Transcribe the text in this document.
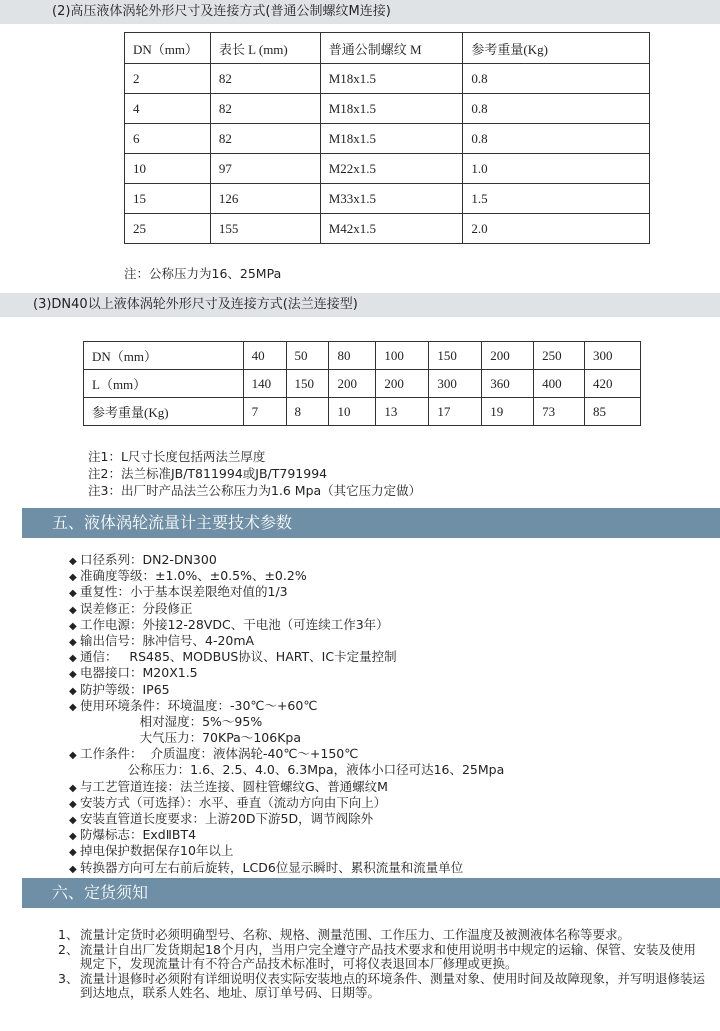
(2)高压液体涡轮外形尺寸及连接方式(普通公制螺纹M连接)
DN（mm）	表长 L (mm)	普通公制螺纹 M	参考重量(Kg)
2	82	M18x1.5	0.8
4	82	M18x1.5	0.8
6	82	M18x1.5	0.8
10	97	M22x1.5	1.0
15	126	M33x1.5	1.5
25	155	M42x1.5	2.0
注：公称压力为16、25MPa
(3)DN40以上液体涡轮外形尺寸及连接方式(法兰连接型)
DN（mm）	40	50	80	100	150	200	250	300
L（mm）	140	150	200	200	300	360	400	420
参考重量(Kg)	7	8	10	13	17	19	73	85
注1：L尺寸长度包括两法兰厚度
注2：法兰标准JB/T811994或JB/T791994
注3：出厂时产品法兰公称压力为1.6 Mpa（其它压力定做）
五、液体涡轮流量计主要技术参数
◆ 口径系列：DN2-DN300
◆ 准确度等级：±1.0%、±0.5%、±0.2%
◆ 重复性：小于基本误差限绝对值的1/3
◆ 误差修正：分段修正
◆ 工作电源：外接12-28VDC、干电池（可连续工作3年）
◆ 输出信号：脉冲信号、4-20mA
◆ 通信：   RS485、MODBUS协议、HART、IC卡定量控制
◆ 电器接口：M20X1.5
◆ 防护等级：IP65
◆ 使用环境条件：环境温度：-30℃～+60℃
相对湿度：5%～95%
大气压力：70KPa～106Kpa
◆ 工作条件：  介质温度：液体涡轮-40℃～+150℃
公称压力：1.6、2.5、4.0、6.3Mpa，液体小口径可达16、25Mpa
◆ 与工艺管道连接：法兰连接、圆柱管螺纹G、普通螺纹M
◆ 安装方式（可选择）：水平、垂直（流动方向由下向上）
◆ 安装直管道长度要求：上游20D下游5D，调节阀除外
◆ 防爆标志：ExdⅡBT4
◆ 掉电保护数据保存10年以上
◆ 转换器方向可左右前后旋转，LCD6位显示瞬时、累积流量和流量单位
六、定货须知
1、 流量计定货时必须明确型号、名称、规格、测量范围、工作压力、工作温度及被测液体名称等要求。
2、 流量计自出厂发货期起18个月内，当用户完全遵守产品技术要求和使用说明书中规定的运输、保管、安装及使用规定下，发现流量计有不符合产品技术标准时，可将仪表退回本厂修理或更换。
3、 流量计退修时必须附有详细说明仪表实际安装地点的环境条件、测量对象、使用时间及故障现象，并写明退修装运到达地点，联系人姓名、地址、原订单号码、日期等。
